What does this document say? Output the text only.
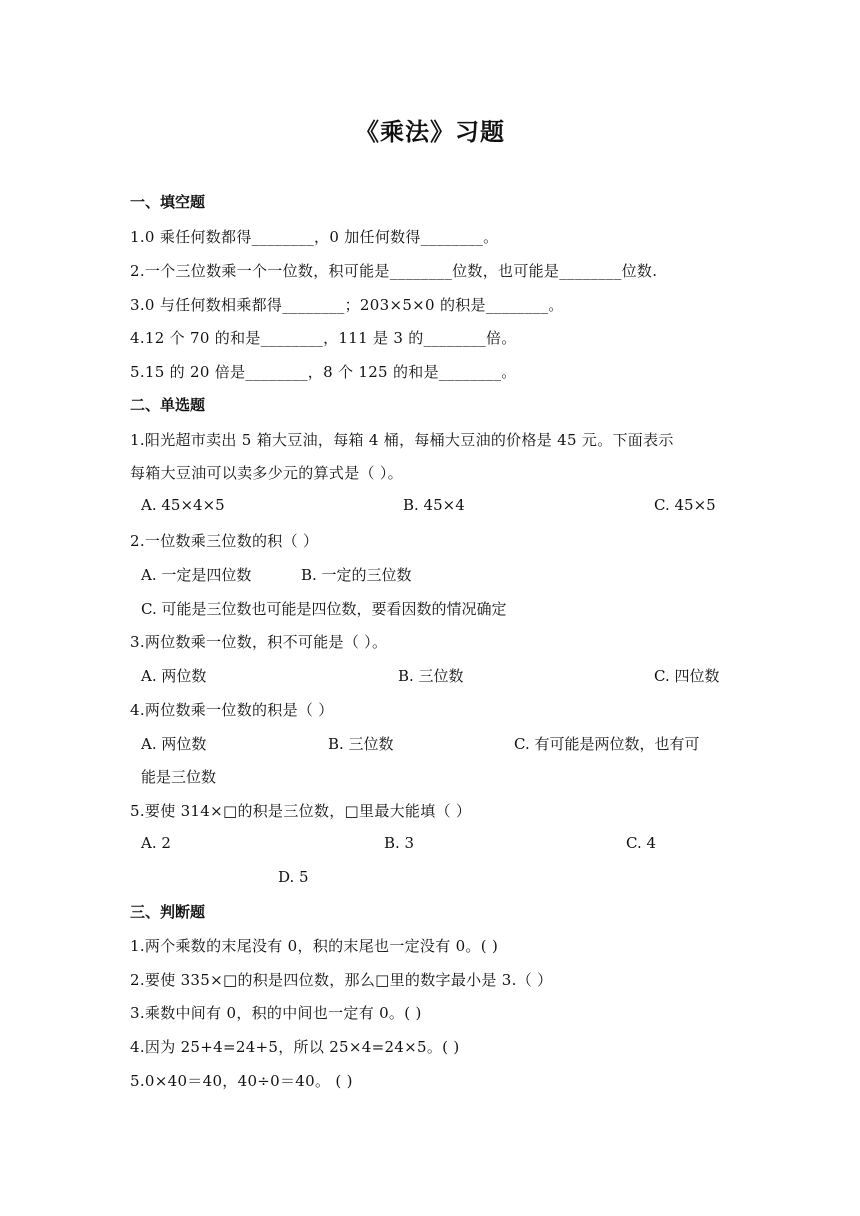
《乘法》习题
一、填空题
1.0 乘任何数都得________，0 加任何数得________。
2.一个三位数乘一个一位数，积可能是________位数，也可能是________位数.
3.0 与任何数相乘都得________；203×5×0 的积是________。
4.12 个 70 的和是________，111 是 3 的________倍。
5.15 的 20 倍是________，8 个 125 的和是________。
二、单选题
1.阳光超市卖出 5 箱大豆油，每箱 4 桶，每桶大豆油的价格是 45 元。下面表示
每箱大豆油可以卖多少元的算式是（ ）。
A. 45×4×5	B. 45×4	C. 45×5
2.一位数乘三位数的积（ ）
A. 一定是四位数	B. 一定的三位数
C. 可能是三位数也可能是四位数，要看因数的情况确定
3.两位数乘一位数，积不可能是（ ）。
A. 两位数	B. 三位数	C. 四位数
4.两位数乘一位数的积是（ ）
A. 两位数	B. 三位数	C. 有可能是两位数，也有可
能是三位数
5.要使 314×□的积是三位数，□里最大能填（ ）
A. 2	B. 3	C. 4
D. 5
三、判断题
1.两个乘数的末尾没有 0，积的末尾也一定没有 0。( )
2.要使 335×□的积是四位数，那么□里的数字最小是 3.（ ）
3.乘数中间有 0，积的中间也一定有 0。( )
4.因为 25+4=24+5，所以 25×4=24×5。( )
5.0×40＝40，40÷0＝40。 ( )
